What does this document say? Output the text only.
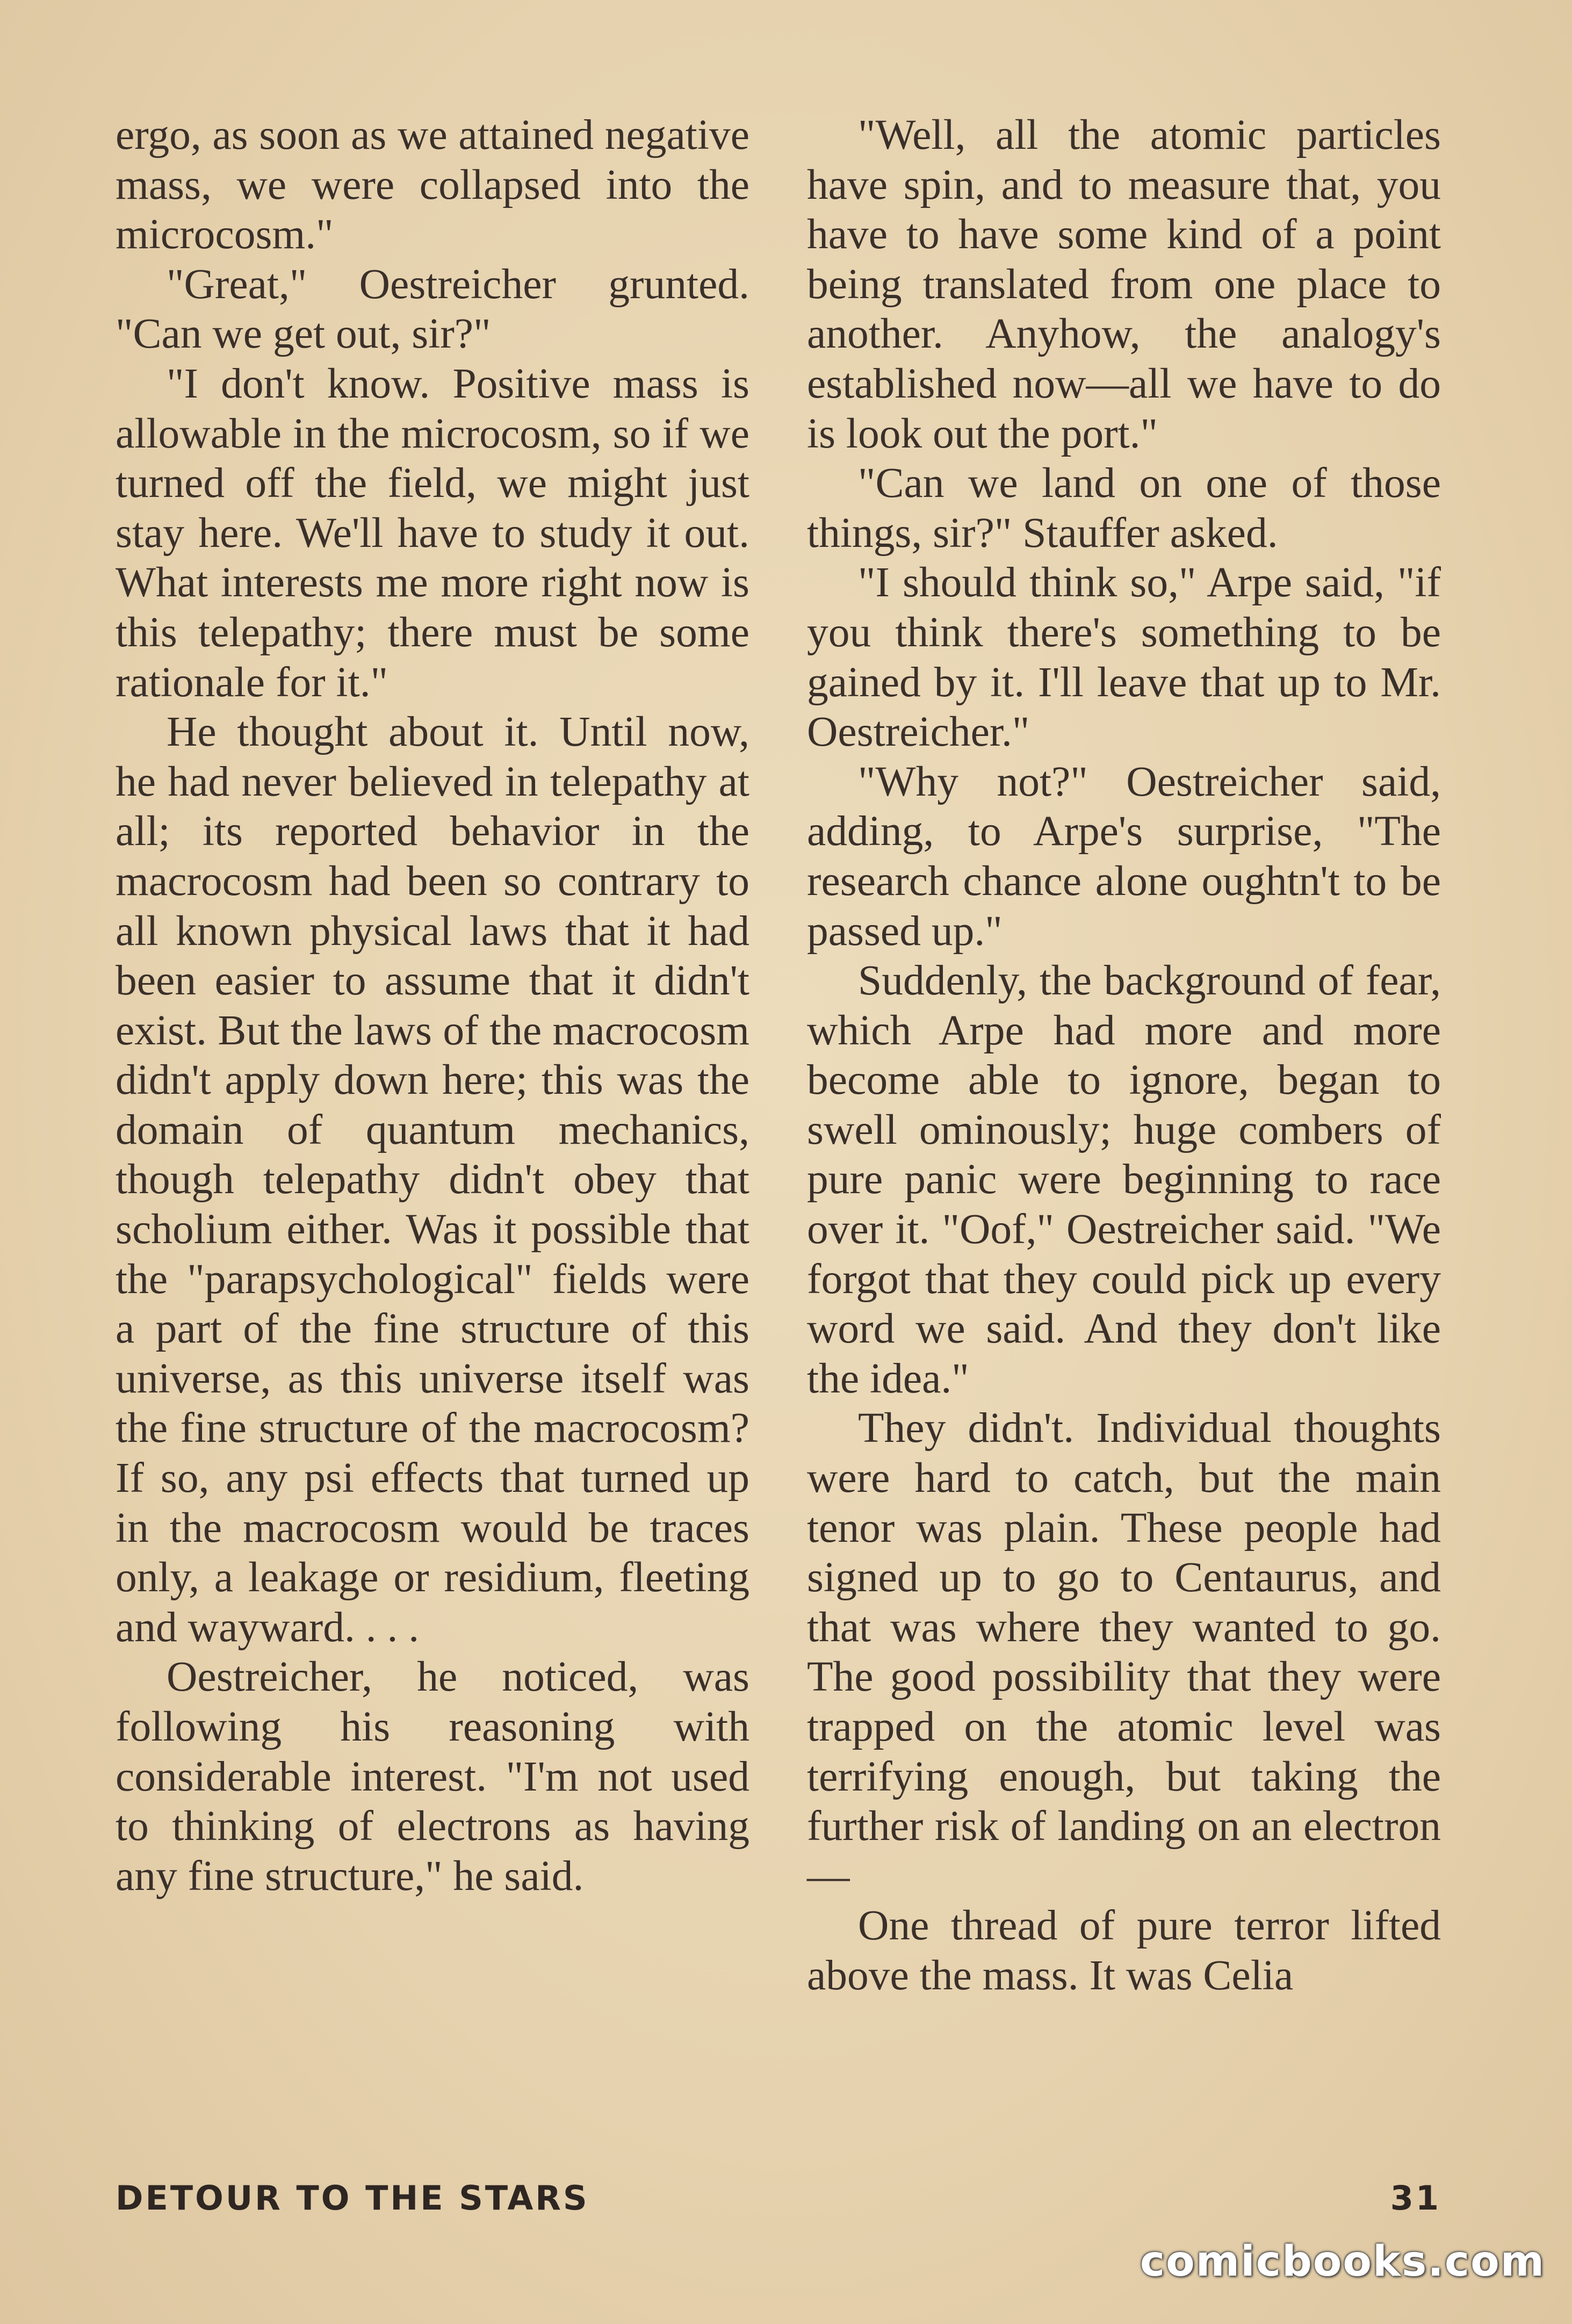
ergo, as soon as we attained negative mass, we were collapsed into the microcosm."

"Great," Oestreicher grunted. "Can we get out, sir?"

"I don't know. Positive mass is allowable in the microcosm, so if we turned off the field, we might just stay here. We'll have to study it out. What interests me more right now is this telepathy; there must be some rationale for it."

He thought about it. Until now, he had never believed in telepathy at all; its reported behavior in the macrocosm had been so contrary to all known physical laws that it had been easier to assume that it didn't exist. But the laws of the macrocosm didn't apply down here; this was the domain of quantum mechanics, though telepathy didn't obey that scholium either. Was it possible that the "parapsychological" fields were a part of the fine structure of this universe, as this universe itself was the fine structure of the macrocosm? If so, any psi effects that turned up in the macrocosm would be traces only, a leakage or residium, fleeting and wayward. . . .

Oestreicher, he noticed, was following his reasoning with considerable interest. "I'm not used to thinking of electrons as having any fine structure," he said.

"Well, all the atomic particles have spin, and to measure that, you have to have some kind of a point being translated from one place to another. Anyhow, the analogy's established now—all we have to do is look out the port."

"Can we land on one of those things, sir?" Stauffer asked.

"I should think so," Arpe said, "if you think there's something to be gained by it. I'll leave that up to Mr. Oestreicher."

"Why not?" Oestreicher said, adding, to Arpe's surprise, "The research chance alone oughtn't to be passed up."

Suddenly, the background of fear, which Arpe had more and more become able to ignore, began to swell ominously; huge combers of pure panic were beginning to race over it. "Oof," Oestreicher said. "We forgot that they could pick up every word we said. And they don't like the idea."

They didn't. Individual thoughts were hard to catch, but the main tenor was plain. These people had signed up to go to Centaurus, and that was where they wanted to go. The good possibility that they were trapped on the atomic level was terrifying enough, but taking the further risk of landing on an electron—

One thread of pure terror lifted above the mass. It was Celia

DETOUR TO THE STARS	31
comicbooks.com
